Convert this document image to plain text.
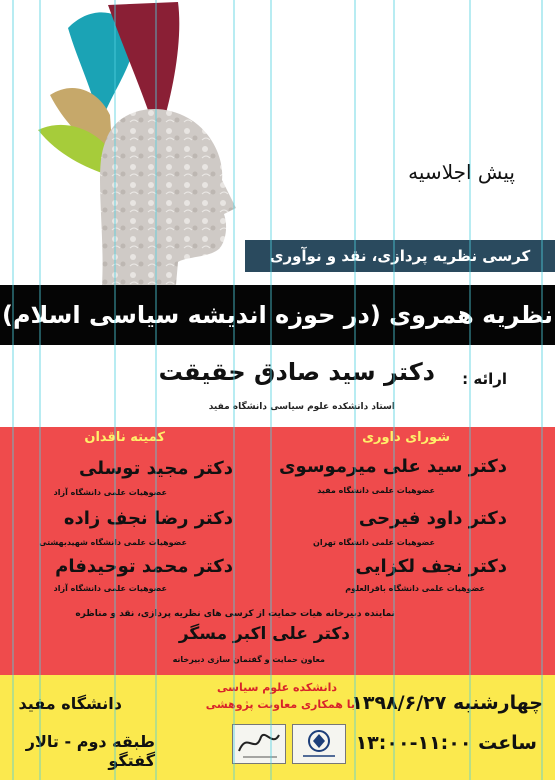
پیش اجلاسیه
کرسی نظریه پردازی، نقد و نوآوری
نظریه همروی (در حوزه اندیشه سیاسی اسلام)
ارائه :
دکتر سید صادق حقیقت
استاد دانشکده علوم سیاسی دانشگاه مفید
شورای داوری
کمیته ناقدان
دکتر سید علی میرموسوی
عضوهیات علمی دانشگاه مفید
دکتر داود فیرحی
عضوهیات علمی دانشگاه تهران
دکتر نجف لکزایی
عضوهیات علمی دانشگاه باقرالعلوم
دکتر مجید توسلی
عضوهیات علمی دانشگاه آزاد
دکتر رضا نجف زاده
عضوهیات علمی دانشگاه شهیدبهشتی
دکتر محمد توحیدفام
عضوهیات علمی دانشگاه آزاد
نماینده دبیرخانه هیات حمایت از کرسی های نظریه پردازی، نقد و مناظره
دکتر علی اکبر مسگر
معاون حمایت و گفتمان سازی دبیرخانه
چهارشنبه ۱۳۹۸/۶/۲۷
ساعت ۱۱:۰۰-۱۳:۰۰
دانشکده علوم سیاسی
با همکاری معاونت پژوهشی
دانشگاه مفید
طبقه دوم - تالار گفتگو
